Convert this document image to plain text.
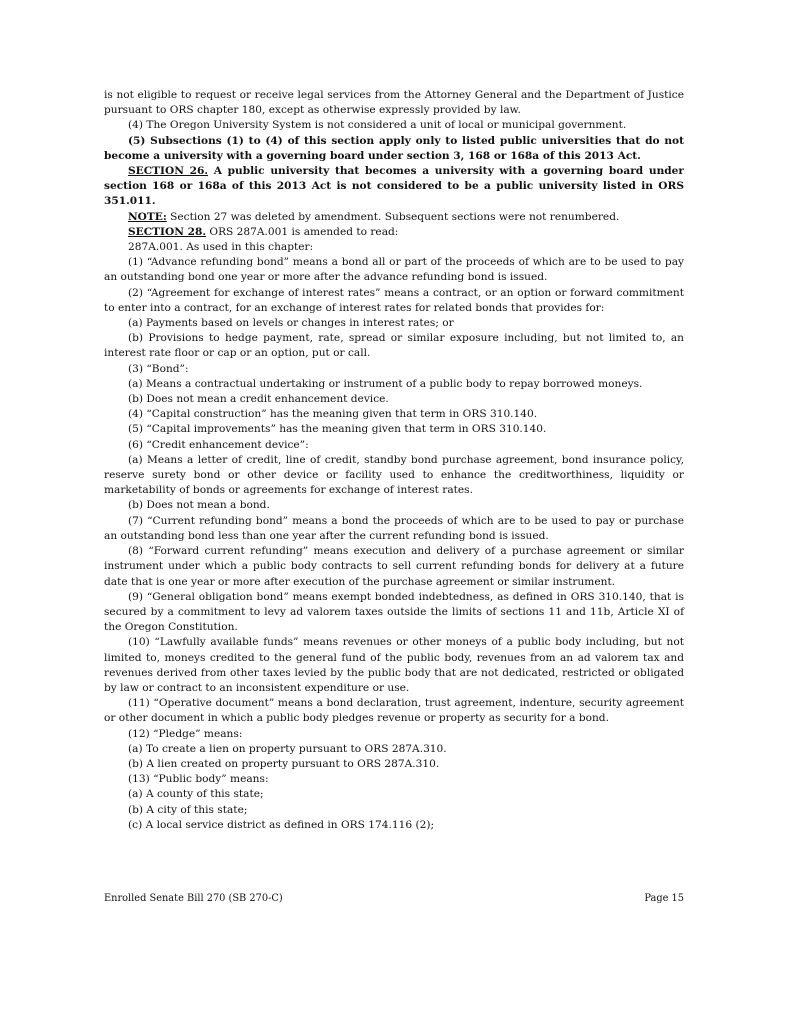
is not eligible to request or receive legal services from the Attorney General and the Department of Justice pursuant to ORS chapter 180, except as otherwise expressly provided by law.

(4) The Oregon University System is not considered a unit of local or municipal government.

(5) Subsections (1) to (4) of this section apply only to listed public universities that do not become a university with a governing board under section 3, 168 or 168a of this 2013 Act.

SECTION 26. A public university that becomes a university with a governing board under section 168 or 168a of this 2013 Act is not considered to be a public university listed in ORS 351.011.

NOTE: Section 27 was deleted by amendment. Subsequent sections were not renumbered.

SECTION 28. ORS 287A.001 is amended to read:

287A.001. As used in this chapter:

(1) “Advance refunding bond” means a bond all or part of the proceeds of which are to be used to pay an outstanding bond one year or more after the advance refunding bond is issued.

(2) “Agreement for exchange of interest rates” means a contract, or an option or forward commitment to enter into a contract, for an exchange of interest rates for related bonds that provides for:

(a) Payments based on levels or changes in interest rates; or

(b) Provisions to hedge payment, rate, spread or similar exposure including, but not limited to, an interest rate floor or cap or an option, put or call.

(3) “Bond”:

(a) Means a contractual undertaking or instrument of a public body to repay borrowed moneys.

(b) Does not mean a credit enhancement device.

(4) “Capital construction” has the meaning given that term in ORS 310.140.

(5) “Capital improvements” has the meaning given that term in ORS 310.140.

(6) “Credit enhancement device”:

(a) Means a letter of credit, line of credit, standby bond purchase agreement, bond insurance policy, reserve surety bond or other device or facility used to enhance the creditworthiness, liquidity or marketability of bonds or agreements for exchange of interest rates.

(b) Does not mean a bond.

(7) “Current refunding bond” means a bond the proceeds of which are to be used to pay or purchase an outstanding bond less than one year after the current refunding bond is issued.

(8) “Forward current refunding” means execution and delivery of a purchase agreement or similar instrument under which a public body contracts to sell current refunding bonds for delivery at a future date that is one year or more after execution of the purchase agreement or similar instrument.

(9) “General obligation bond” means exempt bonded indebtedness, as defined in ORS 310.140, that is secured by a commitment to levy ad valorem taxes outside the limits of sections 11 and 11b, Article XI of the Oregon Constitution.

(10) “Lawfully available funds” means revenues or other moneys of a public body including, but not limited to, moneys credited to the general fund of the public body, revenues from an ad valorem tax and revenues derived from other taxes levied by the public body that are not dedicated, restricted or obligated by law or contract to an inconsistent expenditure or use.

(11) “Operative document” means a bond declaration, trust agreement, indenture, security agreement or other document in which a public body pledges revenue or property as security for a bond.

(12) “Pledge” means:

(a) To create a lien on property pursuant to ORS 287A.310.

(b) A lien created on property pursuant to ORS 287A.310.

(13) “Public body” means:

(a) A county of this state;

(b) A city of this state;

(c) A local service district as defined in ORS 174.116 (2);

Enrolled Senate Bill 270 (SB 270-C)	Page 15
